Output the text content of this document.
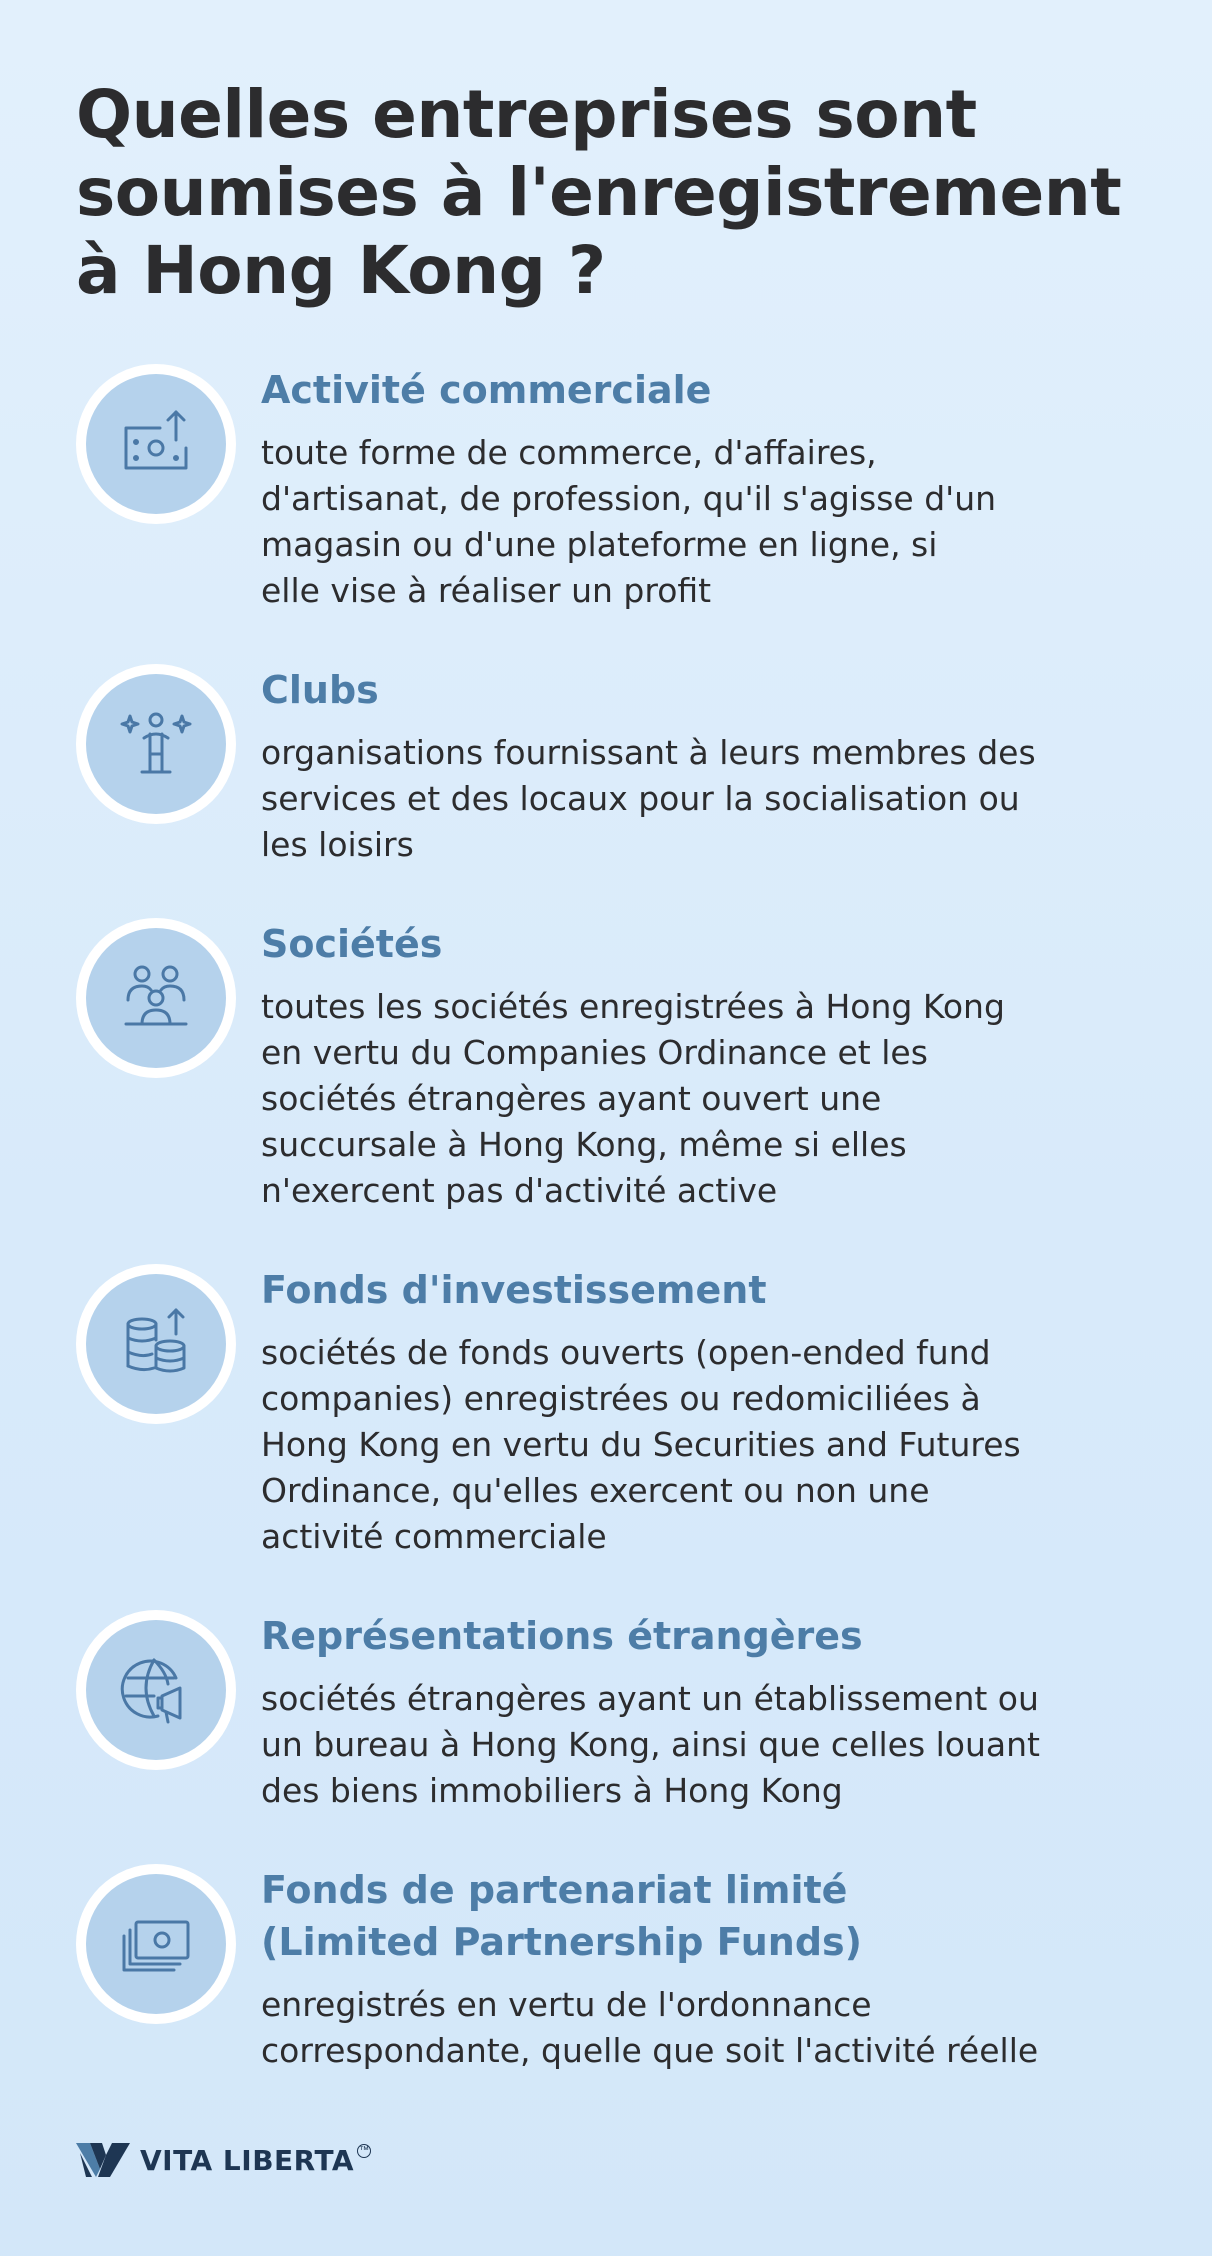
Quelles entreprises sont
soumises à l'enregistrement
à Hong Kong ?
Activité commerciale

toute forme de commerce, d'affaires,
d'artisanat, de profession, qu'il s'agisse d'un
magasin ou d'une plateforme en ligne, si
elle vise à réaliser un profit

Clubs

organisations fournissant à leurs membres des
services et des locaux pour la socialisation ou
les loisirs

Sociétés

toutes les sociétés enregistrées à Hong Kong
en vertu du Companies Ordinance et les
sociétés étrangères ayant ouvert une
succursale à Hong Kong, même si elles
n'exercent pas d'activité active

Fonds d'investissement

sociétés de fonds ouverts (open-ended fund
companies) enregistrées ou redomiciliées à
Hong Kong en vertu du Securities and Futures
Ordinance, qu'elles exercent ou non une
activité commerciale

Représentations étrangères

sociétés étrangères ayant un établissement ou
un bureau à Hong Kong, ainsi que celles louant
des biens immobiliers à Hong Kong

Fonds de partenariat limité
(Limited Partnership Funds)

enregistrés en vertu de l'ordonnance
correspondante, quelle que soit l'activité réelle

VITA LIBERTA ™
